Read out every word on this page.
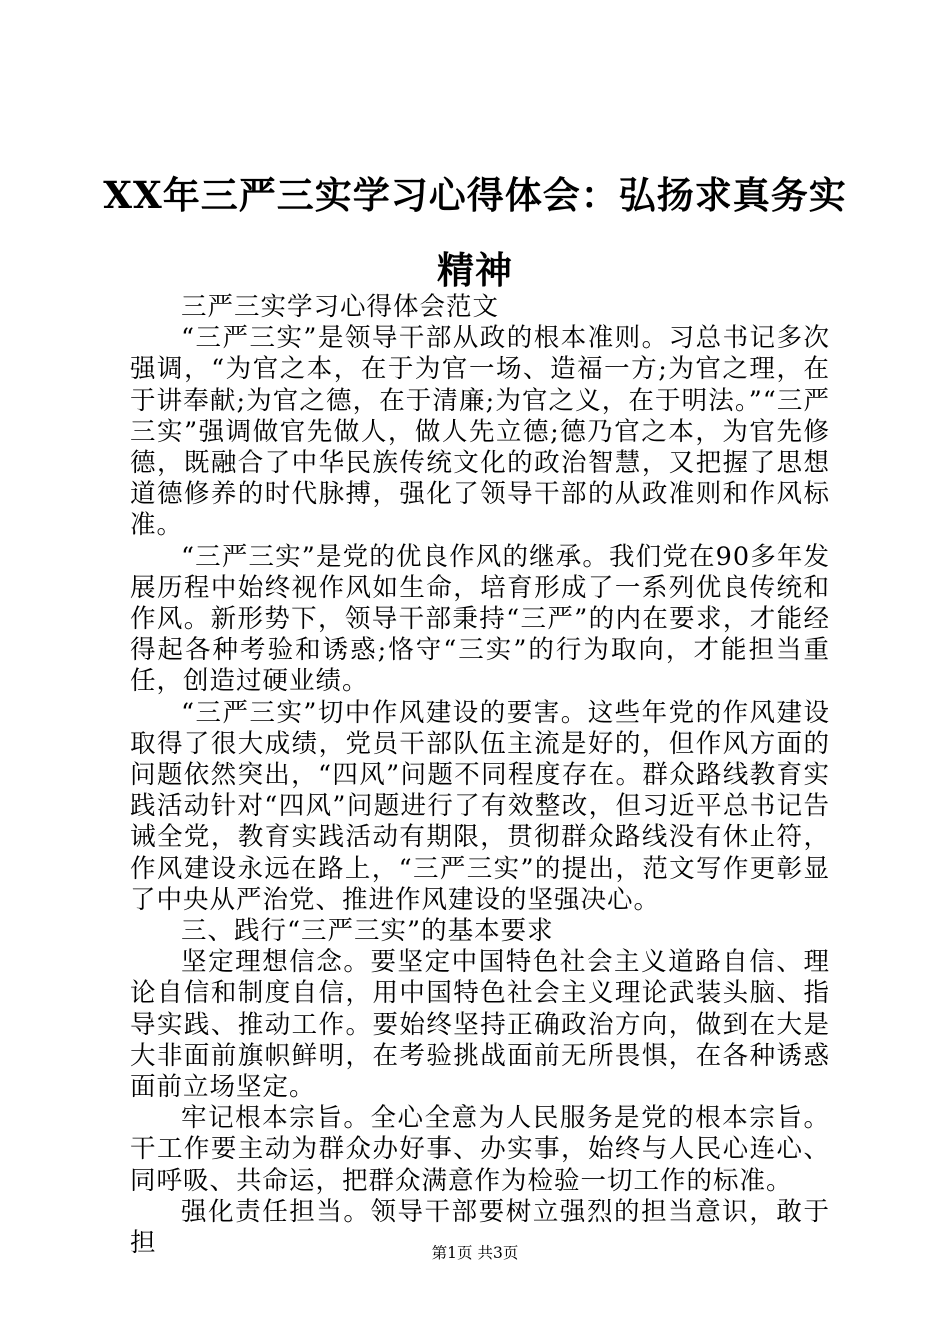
XX年三严三实学习心得体会：弘扬求真务实
精神

三严三实学习心得体会范文

“三严三实”是领导干部从政的根本准则。习总书记多次强调，“为官之本，在于为官一场、造福一方;为官之理，在于讲奉献;为官之德，在于清廉;为官之义，在于明法。”“三严三实”强调做官先做人，做人先立德;德乃官之本，为官先修德，既融合了中华民族传统文化的政治智慧，又把握了思想道德修养的时代脉搏，强化了领导干部的从政准则和作风标准。

“三严三实”是党的优良作风的继承。我们党在90多年发展历程中始终视作风如生命，培育形成了一系列优良传统和作风。新形势下，领导干部秉持“三严”的内在要求，才能经得起各种考验和诱惑;恪守“三实”的行为取向，才能担当重任，创造过硬业绩。

“三严三实”切中作风建设的要害。这些年党的作风建设取得了很大成绩，党员干部队伍主流是好的，但作风方面的问题依然突出，“四风”问题不同程度存在。群众路线教育实践活动针对“四风”问题进行了有效整改，但习近平总书记告诫全党，教育实践活动有期限，贯彻群众路线没有休止符，作风建设永远在路上，“三严三实”的提出，范文写作更彰显了中央从严治党、推进作风建设的坚强决心。

三、践行“三严三实”的基本要求

坚定理想信念。要坚定中国特色社会主义道路自信、理论自信和制度自信，用中国特色社会主义理论武装头脑、指导实践、推动工作。要始终坚持正确政治方向，做到在大是大非面前旗帜鲜明，在考验挑战面前无所畏惧，在各种诱惑面前立场坚定。

牢记根本宗旨。全心全意为人民服务是党的根本宗旨。干工作要主动为群众办好事、办实事，始终与人民心连心、同呼吸、共命运，把群众满意作为检验一切工作的标准。

强化责任担当。领导干部要树立强烈的担当意识，敢于担	第1页 共3页
